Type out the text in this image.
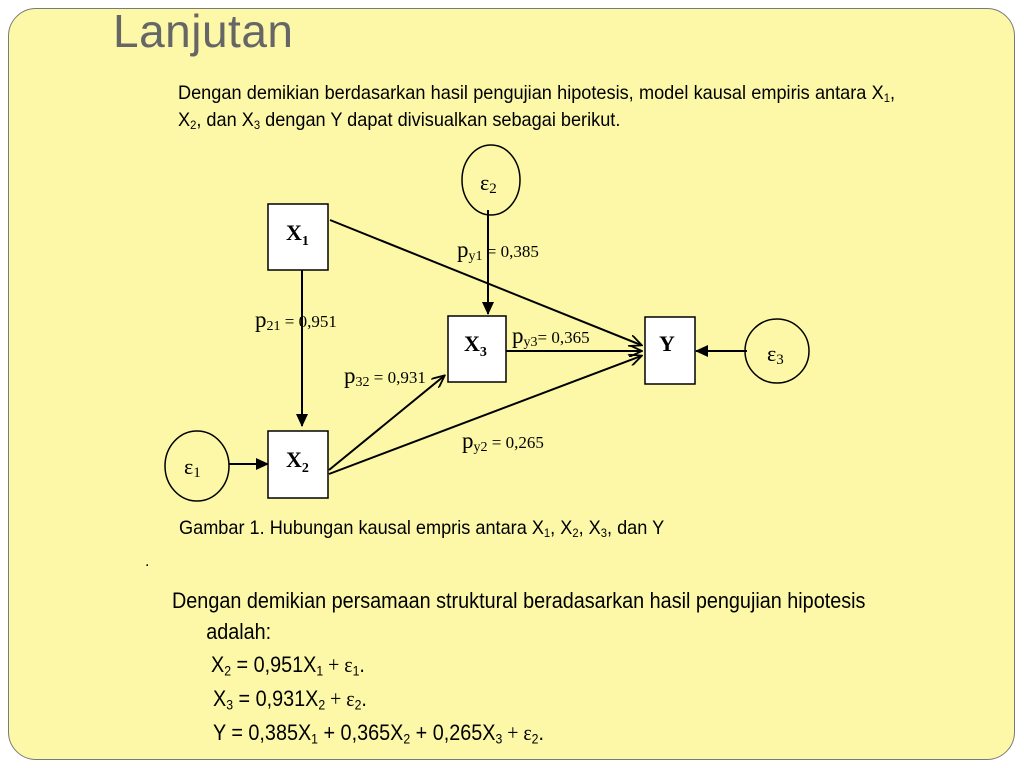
Lanjutan
Dengan demikian berdasarkan hasil pengujian hipotesis, model kausal empiris antara $X_1$, $X_2$, dan $X_3$ dengan Y dapat divisualkan sebagai berikut.
$X_1$
$X_2$
$X_3$	Y
ε2
ε1
ε3
p21 = 0,951
p32 = 0,931
py1 = 0,385
py3= 0,365
py2 = 0,265
Gambar 1. Hubungan kausal empris antara $X_1$, $X_2$, $X_3$, dan Y
.
Dengan demikian persamaan struktural beradasarkan hasil pengujian hipotesis
adalah:
$X_2 = 0,951X_1 + \varepsilon_1$.
$X_3 = 0,931X_2 + \varepsilon_2$.
$Y = 0,385X_1 + 0,365X_2 + 0,265X_3 + \varepsilon_2$.
